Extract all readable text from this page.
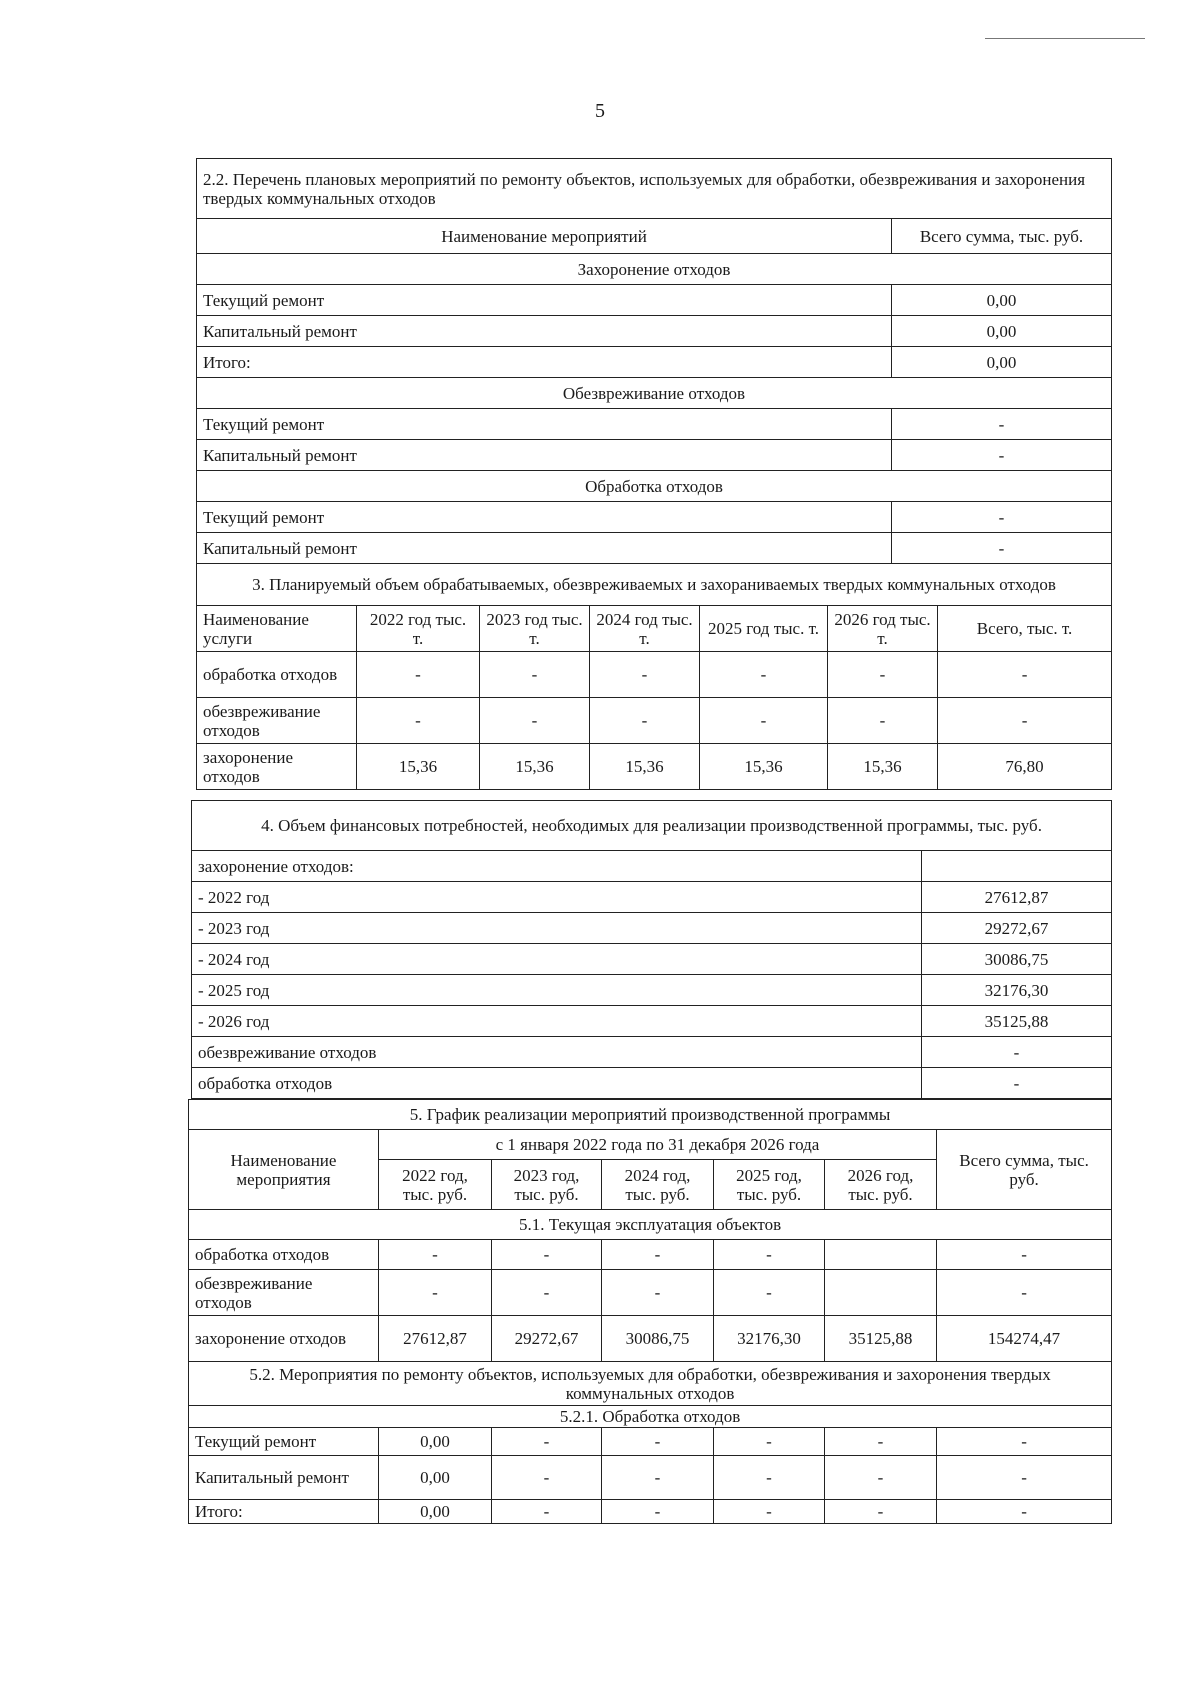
5
2.2. Перечень плановых мероприятий по ремонту объектов, используемых для обработки, обезвреживания и захоронения твердых коммунальных отходов	
Наименование мероприятий	Всего сумма, тыс. руб.
Захоронение отходов	
Текущий ремонт	0,00
Капитальный ремонт	0,00
Итого:	0,00
Обезвреживание отходов	
Текущий ремонт	-
Капитальный ремонт	-
Обработка отходов	
Текущий ремонт	-
Капитальный ремонт	-
3. Планируемый объем обрабатываемых, обезвреживаемых и захораниваемых твердых коммунальных отходов						
Наименование услуги	2022 год тыс. т.	2023 год тыс. т.	2024 год тыс. т.	2025 год тыс. т.	2026 год тыс. т.	Всего, тыс. т.
обработка отходов	-	-	-	-	-	-
обезвреживание отходов	-	-	-	-	-	-
захоронение отходов	15,36	15,36	15,36	15,36	15,36	76,80
4. Объем финансовых потребностей, необходимых для реализации производственной программы, тыс. руб.	
захоронение отходов:	
- 2022 год	27612,87
- 2023 год	29272,67
- 2024 год	30086,75
- 2025 год	32176,30
- 2026 год	35125,88
обезвреживание отходов	-
обработка отходов	-
5. График реализации мероприятий производственной программы						
Наименование мероприятия	с 1 января 2022 года по 31 декабря 2026 года					Всего сумма, тыс. руб.
	2022 год, тыс. руб.	2023 год, тыс. руб.	2024 год, тыс. руб.	2025 год, тыс. руб.	2026 год, тыс. руб.	
5.1. Текущая эксплуатация объектов						
обработка отходов	-	-	-	-		-
обезвреживание отходов	-	-	-	-		-
захоронение отходов	27612,87	29272,67	30086,75	32176,30	35125,88	154274,47
5.2. Мероприятия по ремонту объектов, используемых для обработки, обезвреживания и захоронения твердых коммунальных отходов						
5.2.1. Обработка отходов						
Текущий ремонт	0,00	-	-	-	-	-
Капитальный ремонт	0,00	-	-	-	-	-
Итого:	0,00	-	-	-	-	-
